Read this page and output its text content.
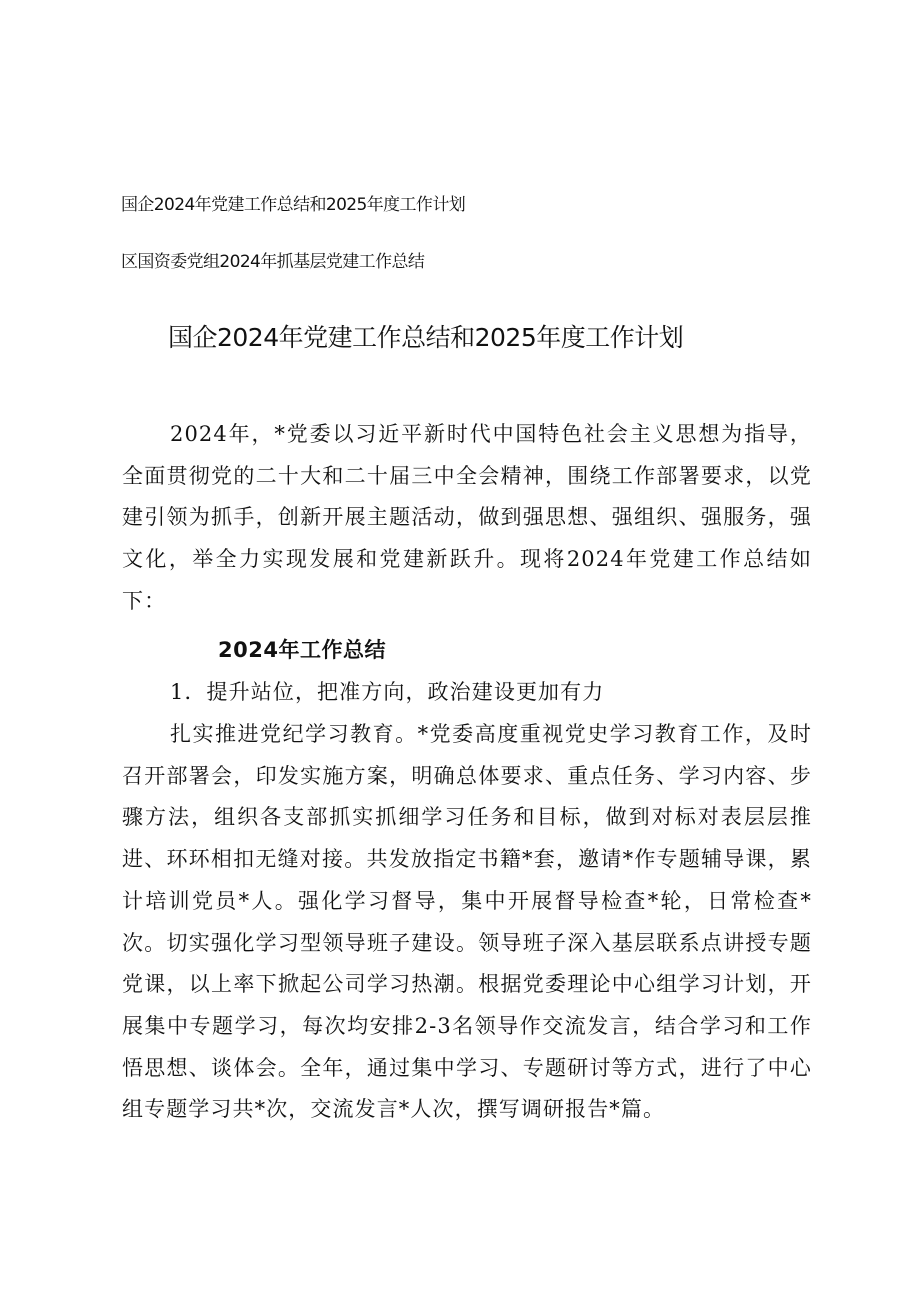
国企2024年党建工作总结和2025年度工作计划
区国资委党组2024年抓基层党建工作总结
国企2024年党建工作总结和2025年度工作计划
2024年，*党委以习近平新时代中国特色社会主义思想为指导，全面贯彻党的二十大和二十届三中全会精神，围绕工作部署要求，以党建引领为抓手，创新开展主题活动，做到强思想、强组织、强服务，强文化，举全力实现发展和党建新跃升。现将2024年党建工作总结如下：
2024年工作总结
1．提升站位，把准方向，政治建设更加有力
扎实推进党纪学习教育。*党委高度重视党史学习教育工作，及时召开部署会，印发实施方案，明确总体要求、重点任务、学习内容、步骤方法，组织各支部抓实抓细学习任务和目标，做到对标对表层层推进、环环相扣无缝对接。共发放指定书籍*套，邀请*作专题辅导课，累计培训党员*人。强化学习督导，集中开展督导检查*轮，日常检查*次。切实强化学习型领导班子建设。领导班子深入基层联系点讲授专题党课，以上率下掀起公司学习热潮。根据党委理论中心组学习计划，开展集中专题学习，每次均安排2-3名领导作交流发言，结合学习和工作悟思想、谈体会。全年，通过集中学习、专题研讨等方式，进行了中心组专题学习共*次，交流发言*人次，撰写调研报告*篇。
